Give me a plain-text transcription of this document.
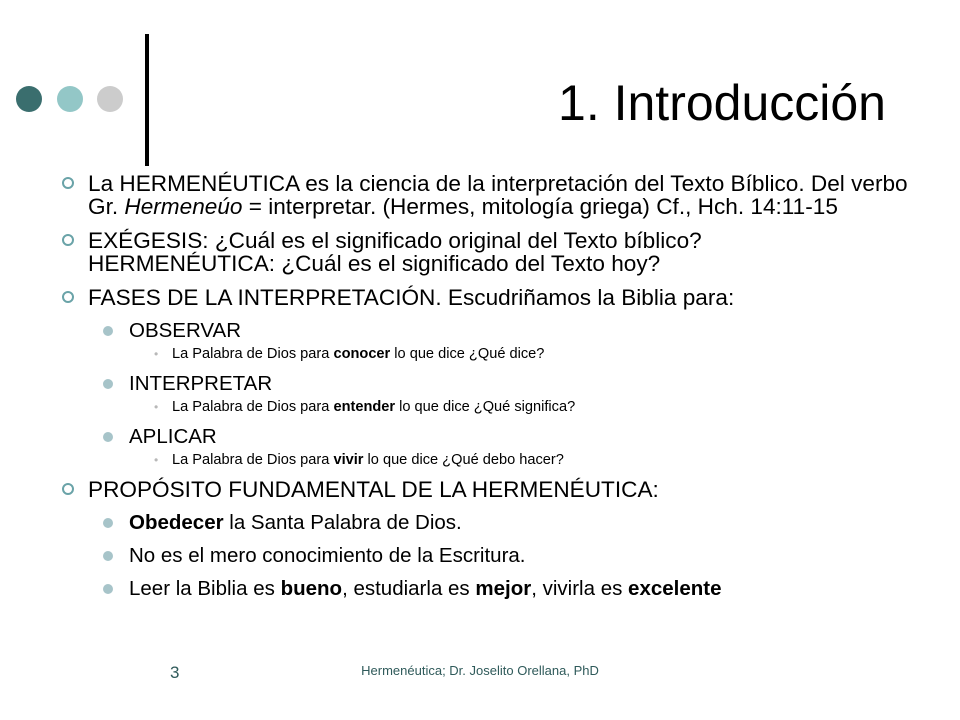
1. Introducción
La HERMENÉUTICA es la ciencia de la interpretación del Texto Bíblico. Del verbo Gr. Hermeneúo = interpretar. (Hermes, mitología griega) Cf., Hch. 14:11-15
EXÉGESIS: ¿Cuál es el significado original del Texto bíblico?
HERMENÉUTICA: ¿Cuál es el significado del Texto hoy?
FASES DE LA INTERPRETACIÓN. Escudriñamos la Biblia para:
OBSERVAR
• La Palabra de Dios para conocer lo que dice ¿Qué dice?
INTERPRETAR
• La Palabra de Dios para entender lo que dice ¿Qué significa?
APLICAR
• La Palabra de Dios para vivir lo que dice ¿Qué debo hacer?
PROPÓSITO FUNDAMENTAL DE LA HERMENÉUTICA:
Obedecer la Santa Palabra de Dios.
No es el mero conocimiento de la Escritura.
Leer la Biblia es bueno, estudiarla es mejor, vivirla es excelente
3	Hermenéutica; Dr. Joselito Orellana, PhD
